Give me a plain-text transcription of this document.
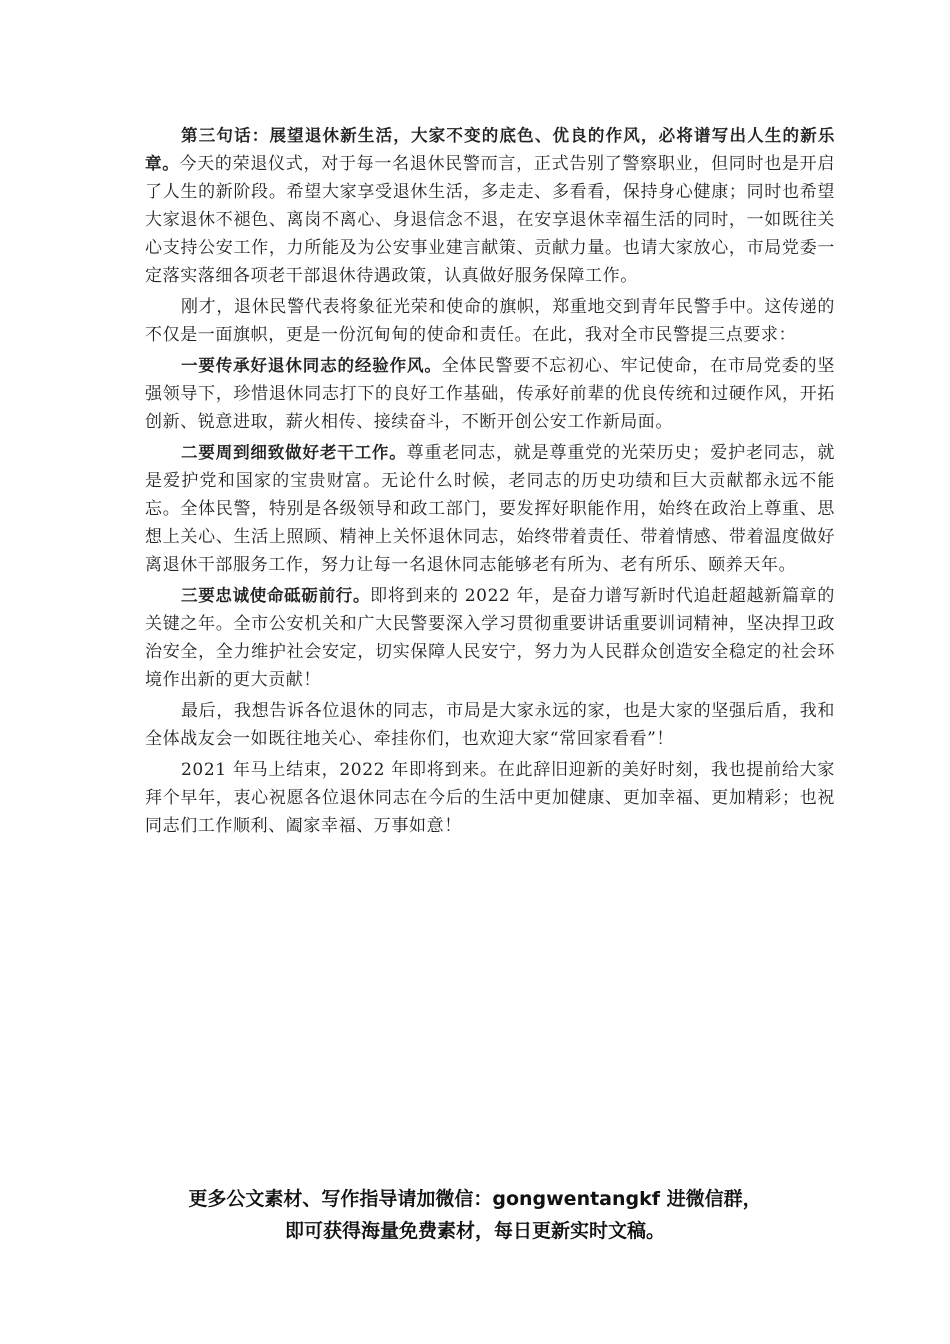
第三句话：展望退休新生活，大家不变的底色、优良的作风，必将谱写出人生的新乐章。今天的荣退仪式，对于每一名退休民警而言，正式告别了警察职业，但同时也是开启了人生的新阶段。希望大家享受退休生活，多走走、多看看，保持身心健康；同时也希望大家退休不褪色、离岗不离心、身退信念不退，在安享退休幸福生活的同时，一如既往关心支持公安工作，力所能及为公安事业建言献策、贡献力量。也请大家放心，市局党委一定落实落细各项老干部退休待遇政策，认真做好服务保障工作。

刚才，退休民警代表将象征光荣和使命的旗帜，郑重地交到青年民警手中。这传递的不仅是一面旗帜，更是一份沉甸甸的使命和责任。在此，我对全市民警提三点要求：

一要传承好退休同志的经验作风。全体民警要不忘初心、牢记使命，在市局党委的坚强领导下，珍惜退休同志打下的良好工作基础，传承好前辈的优良传统和过硬作风，开拓创新、锐意进取，薪火相传、接续奋斗，不断开创公安工作新局面。

二要周到细致做好老干工作。尊重老同志，就是尊重党的光荣历史；爱护老同志，就是爱护党和国家的宝贵财富。无论什么时候，老同志的历史功绩和巨大贡献都永远不能忘。全体民警，特别是各级领导和政工部门，要发挥好职能作用，始终在政治上尊重、思想上关心、生活上照顾、精神上关怀退休同志，始终带着责任、带着情感、带着温度做好离退休干部服务工作，努力让每一名退休同志能够老有所为、老有所乐、颐养天年。

三要忠诚使命砥砺前行。即将到来的 2022 年，是奋力谱写新时代追赶超越新篇章的关键之年。全市公安机关和广大民警要深入学习贯彻重要讲话重要训词精神，坚决捍卫政治安全，全力维护社会安定，切实保障人民安宁，努力为人民群众创造安全稳定的社会环境作出新的更大贡献！

最后，我想告诉各位退休的同志，市局是大家永远的家，也是大家的坚强后盾，我和全体战友会一如既往地关心、牵挂你们，也欢迎大家“常回家看看”！

2021 年马上结束，2022 年即将到来。在此辞旧迎新的美好时刻，我也提前给大家拜个早年，衷心祝愿各位退休同志在今后的生活中更加健康、更加幸福、更加精彩；也祝同志们工作顺利、阖家幸福、万事如意！

更多公文素材、写作指导请加微信：gongwentangkf 进微信群，
即可获得海量免费素材，每日更新实时文稿。
